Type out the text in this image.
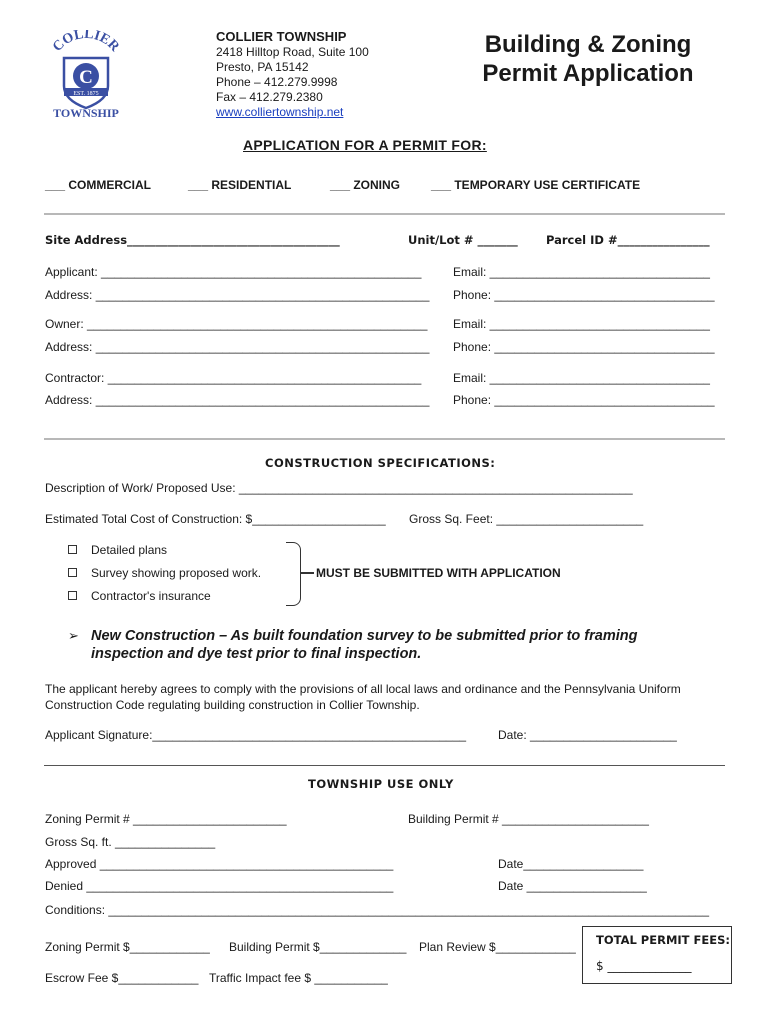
COLLIER
C
EST. 1875
TOWNSHIP
COLLIER TOWNSHIP
2418 Hilltop Road, Suite 100
Presto, PA 15142
Phone – 412.279.9998
Fax – 412.279.2380
www.colliertownship.net
Building & Zoning
Permit Application
APPLICATION FOR A PERMIT FOR:
___ COMMERCIAL	___ RESIDENTIAL	___ ZONING	___ TEMPORARY USE CERTIFICATE
Site Address_____________________________________	Unit/Lot # _______ Parcel ID #________________
Applicant: ________________________________________________	Email: _________________________________
Address: __________________________________________________ Phone: _________________________________
Owner: ___________________________________________________ Email: _________________________________
Address: __________________________________________________ Phone: _________________________________
Contractor: _______________________________________________	Email: _________________________________
Address: __________________________________________________ Phone: _________________________________
CONSTRUCTION SPECIFICATIONS:
Description of Work/ Proposed Use: ___________________________________________________________
Estimated Total Cost of Construction: $____________________ Gross Sq. Feet: ______________________
Detailed plans
Survey showing proposed work.
Contractor's insurance
MUST BE SUBMITTED WITH APPLICATION
➢ New Construction – As built foundation survey to be submitted prior to framing
inspection and dye test prior to final inspection.
The applicant hereby agrees to comply with the provisions of all local laws and ordinance and the Pennsylvania Uniform
Construction Code regulating building construction in Collier Township.
Applicant Signature:_______________________________________________	Date: ______________________
TOWNSHIP USE ONLY
Zoning Permit # _______________________	Building Permit # ______________________
Gross Sq. ft. _______________
Approved ____________________________________________	Date__________________
Denied ______________________________________________	Date __________________
Conditions: __________________________________________________________________________________________
Zoning Permit $____________ Building Permit $_____________ Plan Review $____________
Escrow Fee $____________ Traffic Impact fee $ ___________
TOTAL PERMIT FEES:
$ ______________
